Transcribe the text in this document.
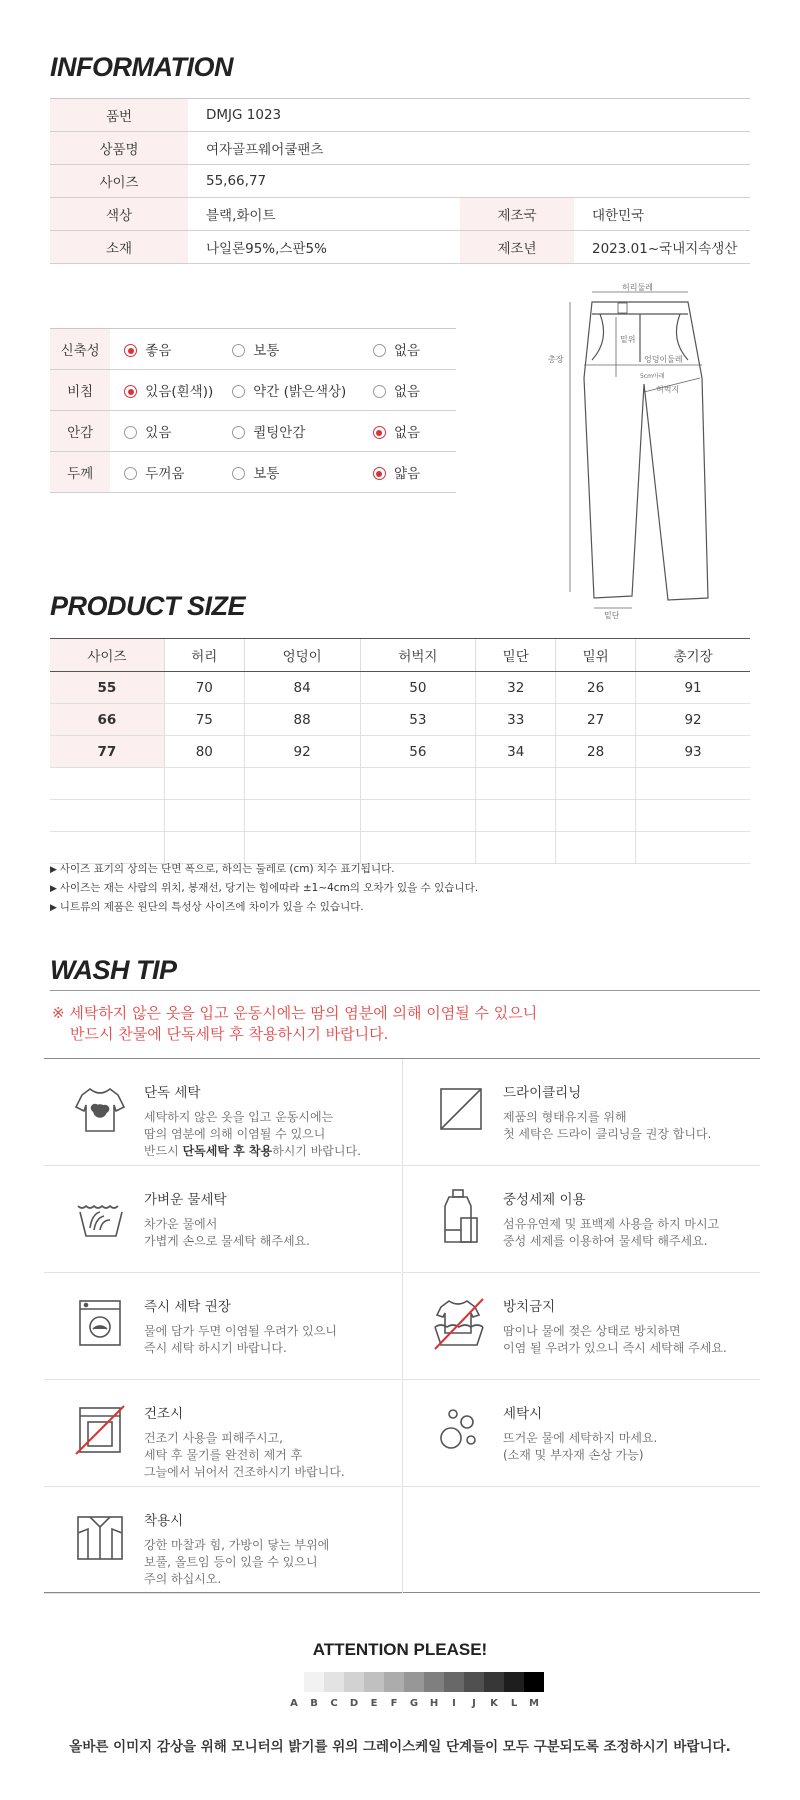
INFORMATION
품번	DMJG 1023		
상품명	여자골프웨어쿨팬츠		
사이즈	55,66,77		
색상	블랙,화이트	제조국	대한민국
소재	나일론95%,스판5%	제조년	2023.01~국내지속생산
신축성	좋음	보통	없음
비침	있음(흰색))	약간 (밝은색상)	없음
안감	있음	퀼팅안감	없음
두께	두꺼움	보통	얇음
허리둘레
총장
밑위
엉덩이둘레
허벅지
5cm아래
밑단
PRODUCT SIZE
사이즈	허리	엉덩이	허벅지	밑단	밑위	총기장
55	70	84	50	32	26	91
66	75	88	53	33	27	92
77	80	92	56	34	28	93

▶ 사이즈 표기의 상의는 단면 폭으로, 하의는 둘레로 (cm) 치수 표기됩니다.
▶ 사이즈는 재는 사람의 위치, 봉재선, 당기는 힘에따라 ±1~4cm의 오차가 있을 수 있습니다.
▶ 니트류의 제품은 원단의 특성상 사이즈에 차이가 있을 수 있습니다.
WASH TIP
※ 세탁하지 않은 옷을 입고 운동시에는 땀의 염분에 의해 이염될 수 있으니
반드시 찬물에 단독세탁 후 착용하시기 바랍니다.
단독 세탁
세탁하지 않은 옷을 입고 운동시에는
땀의 염분에 의해 이염될 수 있으니
반드시 단독세탁 후 착용하시기 바랍니다.
드라이클리닝
제품의 형태유지를 위해
첫 세탁은 드라이 클리닝을 권장 합니다.
가벼운 물세탁
차가운 물에서
가볍게 손으로 물세탁 해주세요.
중성세제 이용
섬유유연제 및 표백제 사용을 하지 마시고
중성 세제를 이용하여 물세탁 해주세요.
즉시 세탁 권장
물에 담가 두면 이염될 우려가 있으니
즉시 세탁 하시기 바랍니다.
방치금지
땀이나 물에 젖은 상태로 방치하면
이염 될 우려가 있으니 즉시 세탁해 주세요.
건조시
건조기 사용을 피해주시고,
세탁 후 물기를 완전히 제거 후
그늘에서 뉘어서 건조하시기 바랍니다.
세탁시
뜨거운 물에 세탁하지 마세요.
(소재 및 부자재 손상 가능)
착용시
강한 마찰과 힘, 가방이 닿는 부위에
보풀, 올트임 등이 있을 수 있으니
주의 하십시오.
ATTENTION PLEASE!
A	B	C	D	E	F	G	H	I	J	K	L	M

올바른 이미지 감상을 위해 모니터의 밝기를 위의 그레이스케일 단계들이 모두 구분되도록 조정하시기 바랍니다.
